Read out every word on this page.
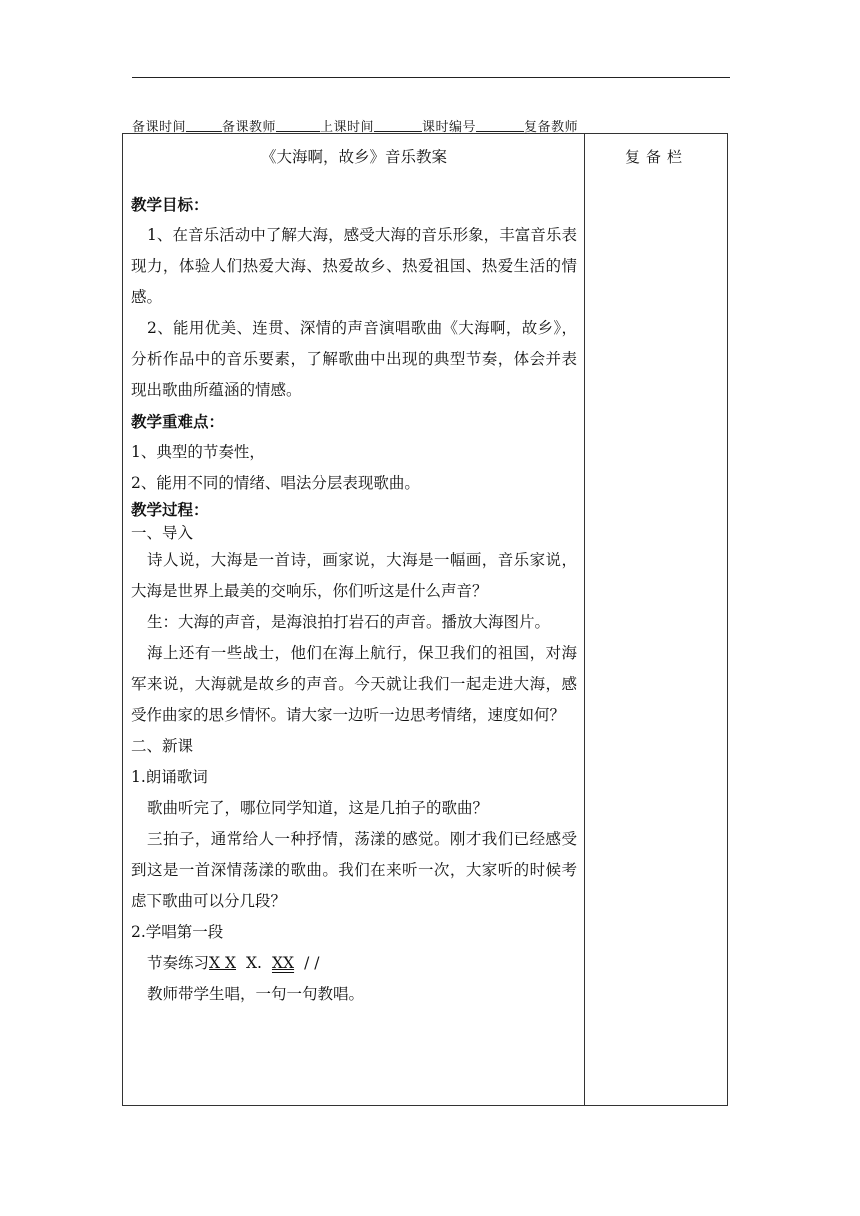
备课时间	备课教师	上课时间	课时编号	复备教师
复备栏

《大海啊，故乡》音乐教案

教学目标：

1、在音乐活动中了解大海，感受大海的音乐形象，丰富音乐表现力，体验人们热爱大海、热爱故乡、热爱祖国、热爱生活的情感。

2、能用优美、连贯、深情的声音演唱歌曲《大海啊，故乡》，分析作品中的音乐要素，了解歌曲中出现的典型节奏，体会并表现出歌曲所蕴涵的情感。

教学重难点：

1、典型的节奏性，

2、能用不同的情绪、唱法分层表现歌曲。

教学过程：

一、导入

诗人说，大海是一首诗，画家说，大海是一幅画，音乐家说，大海是世界上最美的交响乐，你们听这是什么声音？

生：大海的声音，是海浪拍打岩石的声音。播放大海图片。

海上还有一些战士，他们在海上航行，保卫我们的祖国，对海军来说，大海就是故乡的声音。今天就让我们一起走进大海，感受作曲家的思乡情怀。请大家一边听一边思考情绪，速度如何？

二、新课

1.朗诵歌词

歌曲听完了，哪位同学知道，这是几拍子的歌曲？

三拍子，通常给人一种抒情，荡漾的感觉。刚才我们已经感受到这是一首深情荡漾的歌曲。我们在来听一次，大家听的时候考虑下歌曲可以分几段？

2.学唱第一段

节奏练习X X X. XX / /

教师带学生唱，一句一句教唱。
